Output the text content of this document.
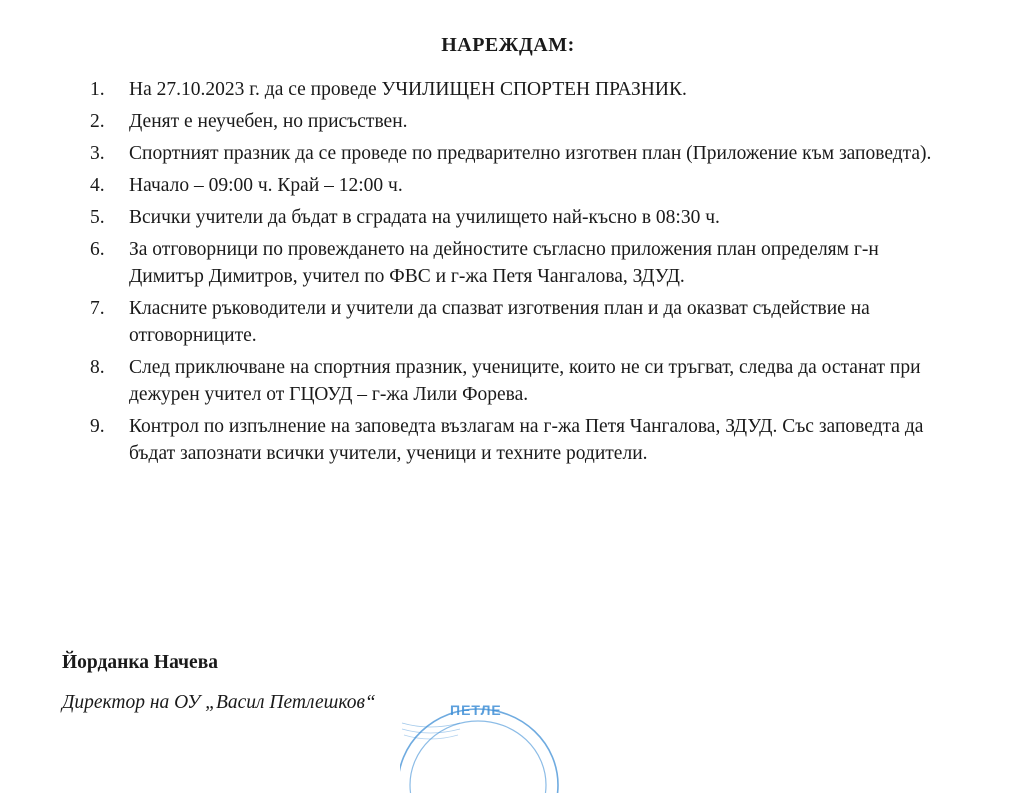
НАРЕЖДАМ:
1.	На 27.10.2023 г. да се проведе УЧИЛИЩЕН СПОРТЕН ПРАЗНИК.
2.	Денят е неучебен, но присъствен.
3.	Спортният празник да се проведе по предварително изготвен план (Приложение към заповедта).
4.	Начало – 09:00 ч. Край – 12:00 ч.
5.	Всички учители да бъдат в сградата на училището най-късно в 08:30 ч.
6.	За отговорници по провеждането на дейностите съгласно приложения план определям г-н Димитър Димитров, учител по ФВС и г-жа Петя Чангалова, ЗДУД.
7.	Класните ръководители и учители да спазват изготвения план и да оказват съдействие на отговорниците.
8.	След приключване на спортния празник, учениците, които не си тръгват, следва да останат при дежурен учител от ГЦОУД – г-жа Лили Форева.
9.	Контрол по изпълнение на заповедта възлагам на г-жа Петя Чангалова, ЗДУД. Със заповедта да бъдат запознати всички учители, ученици и техните родители.
Йорданка Начева
Директор на ОУ „Васил Петлешков“	ПЕТЛЕ
